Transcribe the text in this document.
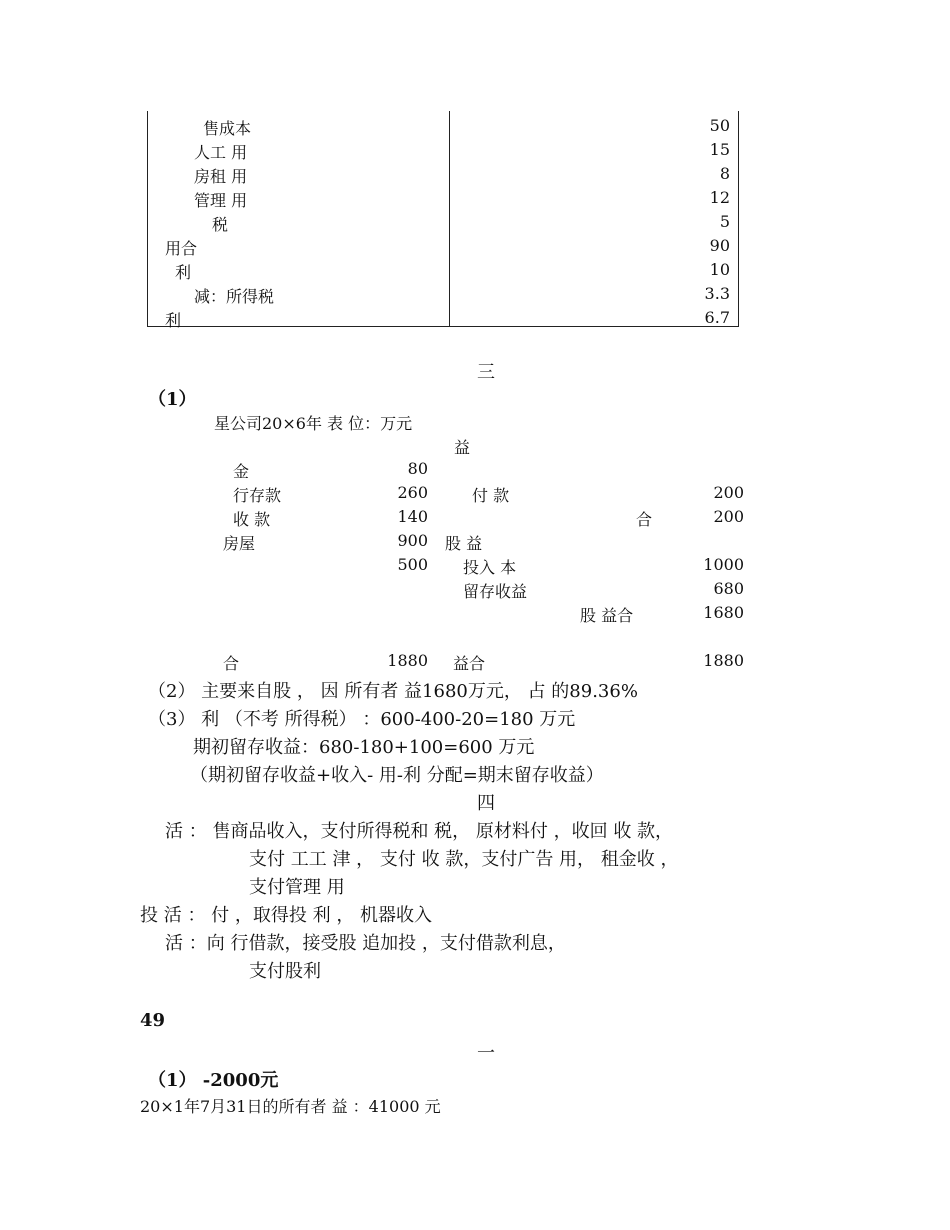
售成本	50
人工 用	15
房租 用	8
管理 用	12
税	5
用合	90
利	10
减：所得税	3.3
利	6.7
三
（1）
星公司20×6年 表 位：万元
益
金	80
行存款	260	付 款	200
收 款	140	合	200
房屋	900 股 益
500 投入 本	1000
留存收益	680
股 益合	1680
合	1880 益合	1880
（2） 主要来自股 ， 因 所有者 益1680万元， 占 的89.36%
（3） 利 （不考 所得税） ：600-400-20=180 万元
期初留存收益：680-180+100=600 万元
（期初留存收益+收入- 用-利 分配=期末留存收益）
四
活 ： 售商品收入，支付所得税和 税， 原材料付 ，收回 收 款，
支付 工工 津 ， 支付 收 款，支付广告 用， 租金收 ，
支付管理 用
投 活 ： 付 ，取得投 利 ， 机器收入
活 ：向 行借款，接受股 追加投 ，支付借款利息，
支付股利
49
一
（1） -2000元
20×1年7月31日的所有者 益 ：41000 元
